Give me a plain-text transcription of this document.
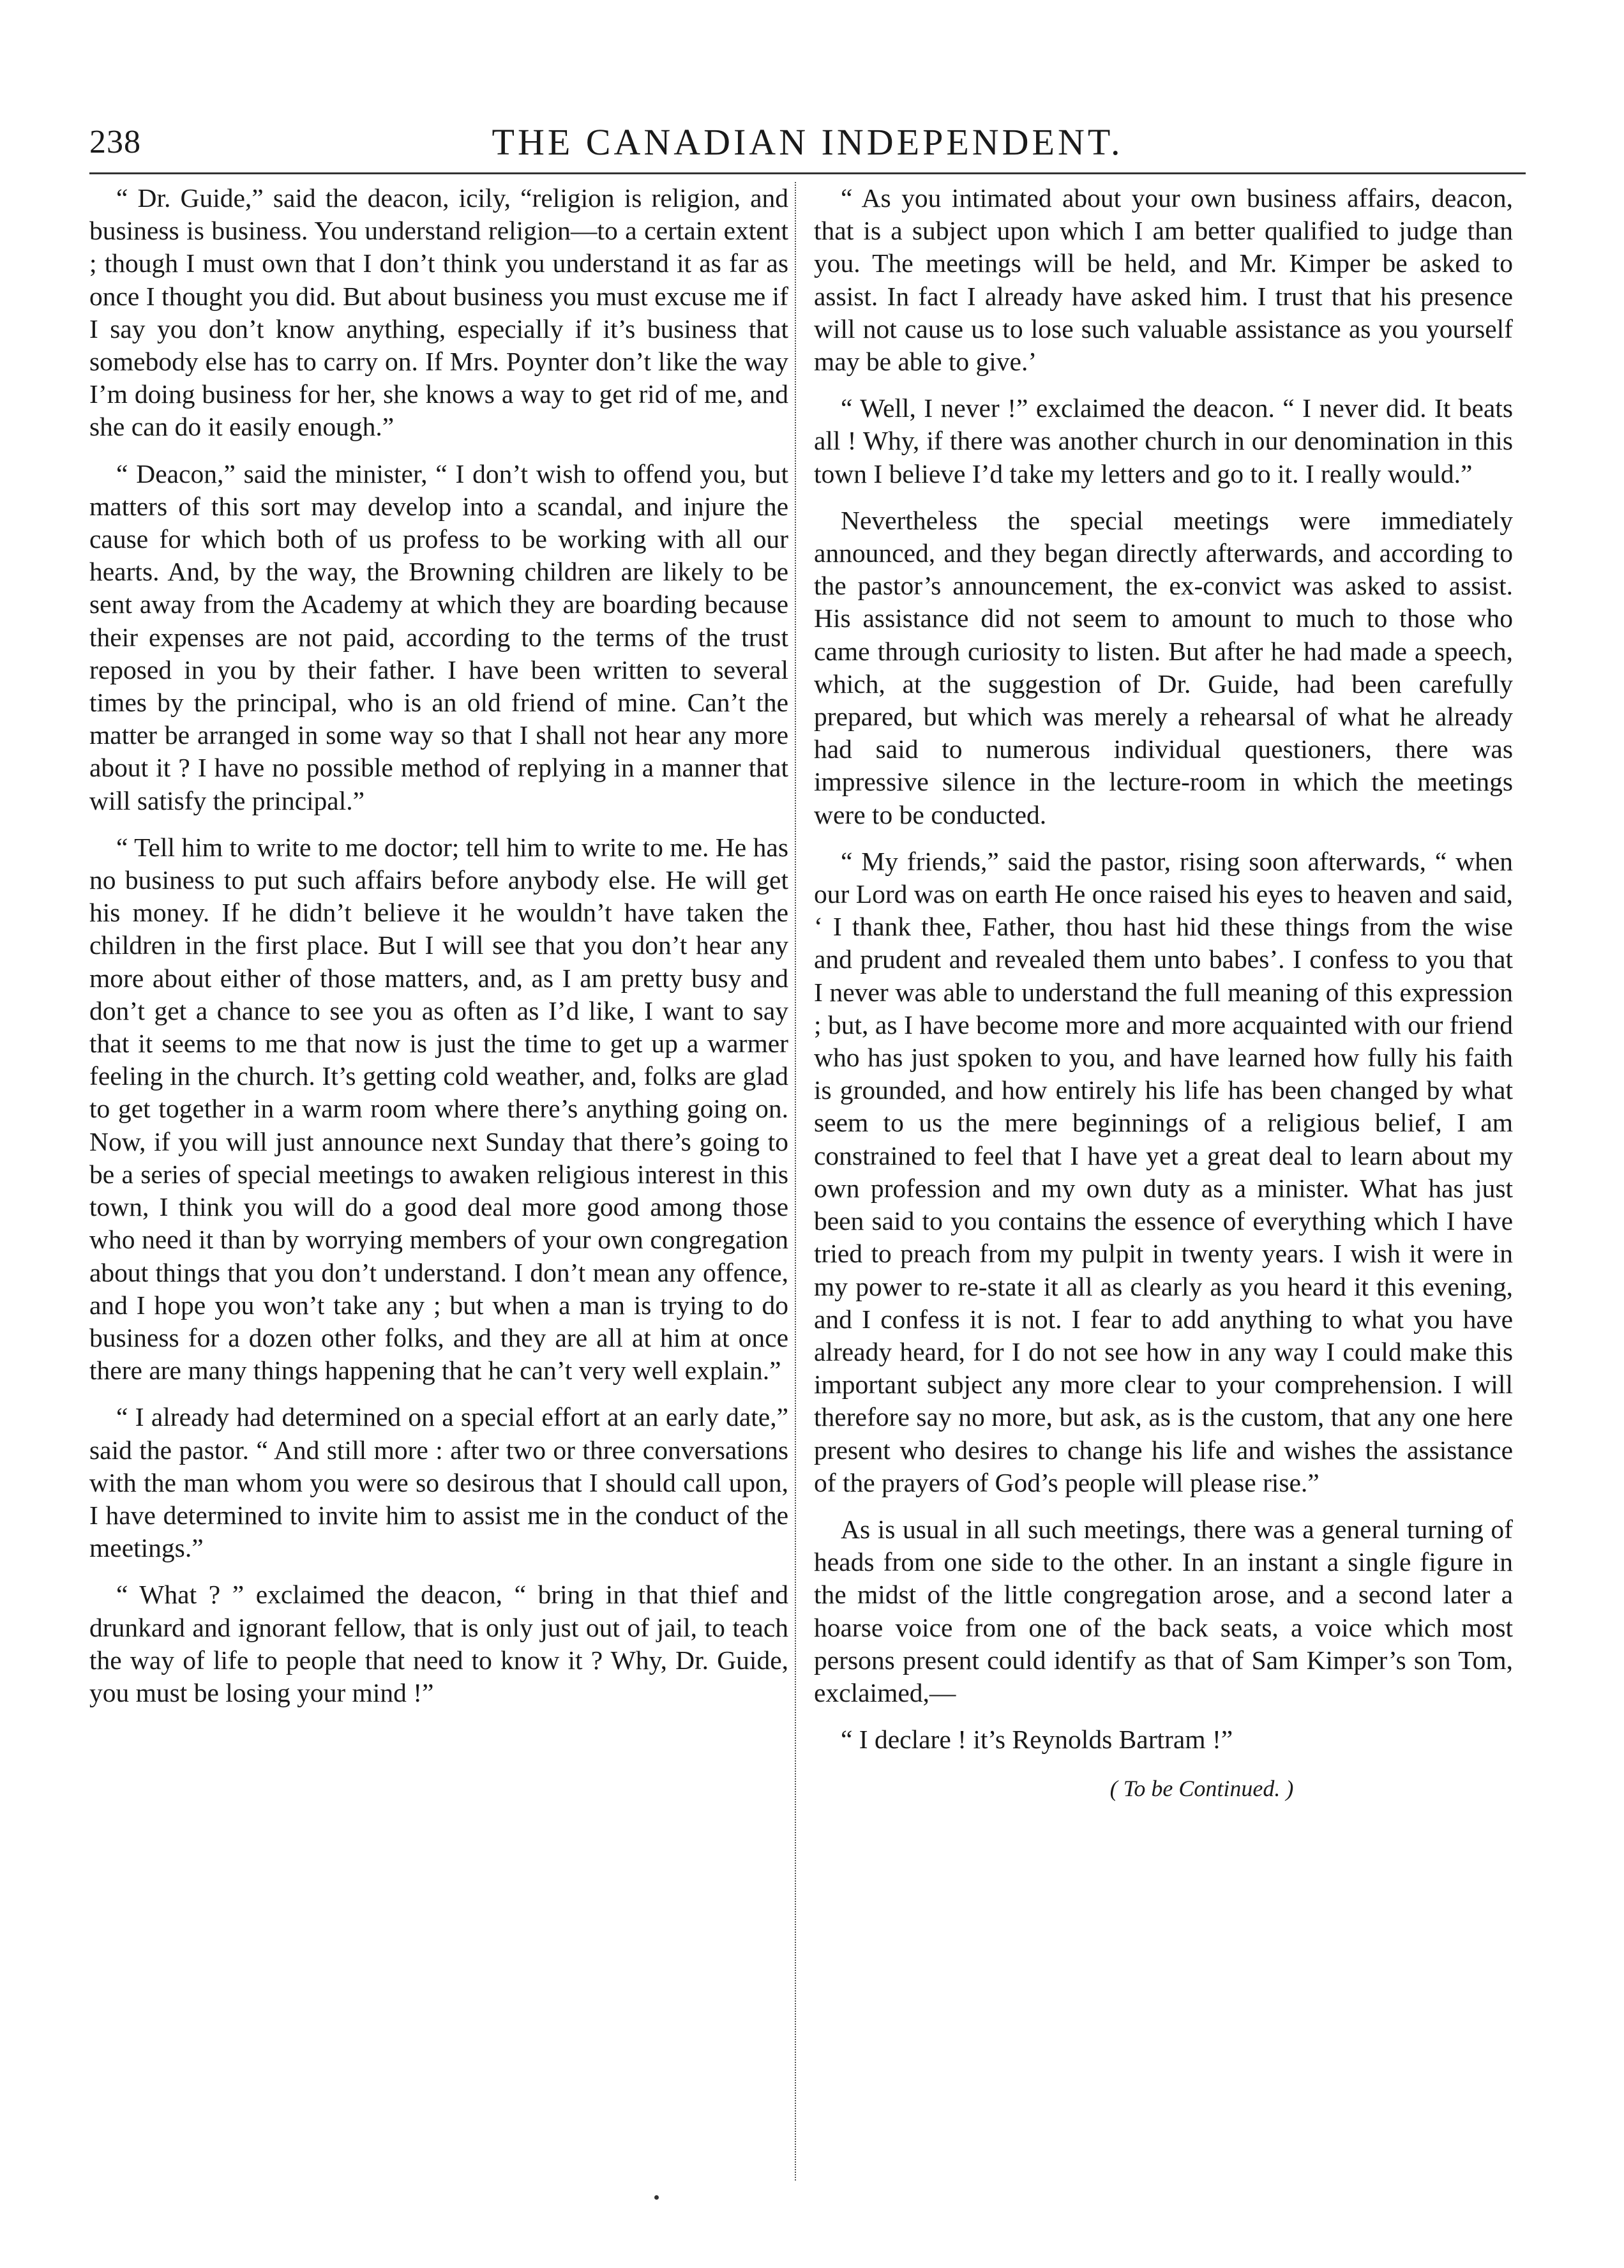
238	THE CANADIAN INDEPENDENT.

“ Dr. Guide,” said the deacon, icily, “religion is religion, and business is business. You understand religion—to a certain extent ; though I must own that I don’t think you understand it as far as once I thought you did. But about business you must excuse me if I say you don’t know anything, especially if it’s business that somebody else has to carry on. If Mrs. Poynter don’t like the way I’m doing business for her, she knows a way to get rid of me, and she can do it easily enough.”

“ Deacon,” said the minister, “ I don’t wish to offend you, but matters of this sort may develop into a scandal, and injure the cause for which both of us profess to be working with all our hearts. And, by the way, the Browning children are likely to be sent away from the Academy at which they are boarding because their expenses are not paid, according to the terms of the trust reposed in you by their father. I have been written to several times by the principal, who is an old friend of mine. Can’t the matter be arranged in some way so that I shall not hear any more about it ? I have no possible method of replying in a manner that will satisfy the principal.”

“ Tell him to write to me doctor; tell him to write to me. He has no business to put such affairs before anybody else. He will get his money. If he didn’t believe it he wouldn’t have taken the children in the first place. But I will see that you don’t hear any more about either of those matters, and, as I am pretty busy and don’t get a chance to see you as often as I’d like, I want to say that it seems to me that now is just the time to get up a warmer feeling in the church. It’s getting cold weather, and, folks are glad to get together in a warm room where there’s anything going on. Now, if you will just announce next Sunday that there’s going to be a series of special meetings to awaken religious interest in this town, I think you will do a good deal more good among those who need it than by worrying members of your own congregation about things that you don’t understand. I don’t mean any offence, and I hope you won’t take any ; but when a man is trying to do business for a dozen other folks, and they are all at him at once there are many things happening that he can’t very well explain.”

“ I already had determined on a special effort at an early date,” said the pastor. “ And still more : after two or three conversations with the man whom you were so desirous that I should call upon, I have determined to invite him to assist me in the conduct of the meetings.”

“ What ? ” exclaimed the deacon, “ bring in that thief and drunkard and ignorant fellow, that is only just out of jail, to teach the way of life to people that need to know it ? Why, Dr. Guide, you must be losing your mind !”

“ As you intimated about your own business affairs, deacon, that is a subject upon which I am better qualified to judge than you. The meetings will be held, and Mr. Kimper be asked to assist. In fact I already have asked him. I trust that his presence will not cause us to lose such valuable assistance as you yourself may be able to give.’

“ Well, I never !” exclaimed the deacon. “ I never did. It beats all ! Why, if there was another church in our denomination in this town I believe I’d take my letters and go to it. I really would.”

Nevertheless the special meetings were immediately announced, and they began directly afterwards, and according to the pastor’s announcement, the ex-convict was asked to assist. His assistance did not seem to amount to much to those who came through curiosity to listen. But after he had made a speech, which, at the suggestion of Dr. Guide, had been carefully prepared, but which was merely a rehearsal of what he already had said to numerous individual questioners, there was impressive silence in the lecture-room in which the meetings were to be conducted.

“ My friends,” said the pastor, rising soon afterwards, “ when our Lord was on earth He once raised his eyes to heaven and said, ‘ I thank thee, Father, thou hast hid these things from the wise and prudent and revealed them unto babes’. I confess to you that I never was able to understand the full meaning of this expression ; but, as I have become more and more acquainted with our friend who has just spoken to you, and have learned how fully his faith is grounded, and how entirely his life has been changed by what seem to us the mere beginnings of a religious belief, I am constrained to feel that I have yet a great deal to learn about my own profession and my own duty as a minister. What has just been said to you contains the essence of everything which I have tried to preach from my pulpit in twenty years. I wish it were in my power to re-state it all as clearly as you heard it this evening, and I confess it is not. I fear to add anything to what you have already heard, for I do not see how in any way I could make this important subject any more clear to your comprehension. I will therefore say no more, but ask, as is the custom, that any one here present who desires to change his life and wishes the assistance of the prayers of God’s people will please rise.”

As is usual in all such meetings, there was a general turning of heads from one side to the other. In an instant a single figure in the midst of the little congregation arose, and a second later a hoarse voice from one of the back seats, a voice which most persons present could identify as that of Sam Kimper’s son Tom, exclaimed,—

“ I declare ! it’s Reynolds Bartram !”

( To be Continued. )
